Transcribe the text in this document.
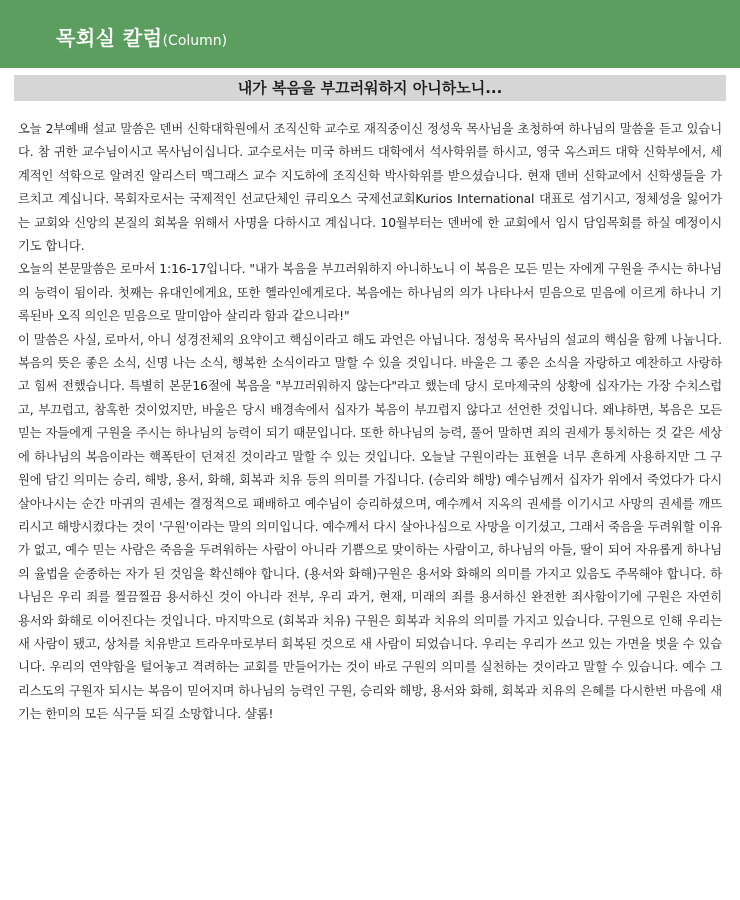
목회실 칼럼(Column)
내가 복음을 부끄러워하지 아니하노니...

오늘 2부예배 설교 말씀은 덴버 신학대학원에서 조직신학 교수로 재직중이신 정성욱 목사님을 초청하여 하나님의 말씀을 듣고 있습니다. 참 귀한 교수님이시고 목사님이십니다. 교수로서는 미국 하버드 대학에서 석사학위를 하시고, 영국 옥스퍼드 대학 신학부에서, 세계적인 석학으로 알려진 알리스터 맥그래스 교수 지도하에 조직신학 박사학위를 받으셨습니다. 현재 덴버 신학교에서 신학생들을 가르치고 계십니다. 목회자로서는 국제적인 선교단체인 큐리오스 국제선교회Kurios International 대표로 섬기시고, 정체성을 잃어가는 교회와 신앙의 본질의 회복을 위해서 사명을 다하시고 계십니다. 10월부터는 덴버에 한 교회에서 임시 담임목회를 하실 예정이시기도 합니다.

오늘의 본문말씀은 로마서 1:16-17입니다. "내가 복음을 부끄러워하지 아니하노니 이 복음은 모든 믿는 자에게 구원을 주시는 하나님의 능력이 됨이라. 첫째는 유대인에게요, 또한 헬라인에게로다. 복음에는 하나님의 의가 나타나서 믿음으로 믿음에 이르게 하나니 기록된바 오직 의인은 믿음으로 말미암아 살리라 함과 같으니라!"

이 말씀은 사실, 로마서, 아니 성경전체의 요약이고 핵심이라고 해도 과언은 아닙니다. 정성욱 목사님의 설교의 핵심을 함께 나눕니다. 복음의 뜻은 좋은 소식, 신명 나는 소식, 행복한 소식이라고 말할 수 있을 것입니다. 바울은 그 좋은 소식을 자랑하고 예찬하고 사랑하고 힘써 전했습니다. 특별히 본문16절에 복음을 "부끄러워하지 않는다"라고 했는데 당시 로마제국의 상황에 십자가는 가장 수치스럽고, 부끄럽고, 참혹한 것이었지만, 바울은 당시 배경속에서 십자가 복음이 부끄럽지 않다고 선언한 것입니다. 왜냐하면, 복음은 모든 믿는 자들에게 구원을 주시는 하나님의 능력이 되기 때문입니다. 또한 하나님의 능력, 풀어 말하면 죄의 권세가 통치하는 것 같은 세상에 하나님의 복음이라는 핵폭탄이 던져진 것이라고 말할 수 있는 것입니다. 오늘날 구원이라는 표현을 너무 흔하게 사용하지만 그 구원에 담긴 의미는 승리, 해방, 용서, 화해, 회복과 치유 등의 의미를 가집니다. (승리와 해방) 예수님께서 십자가 위에서 죽었다가 다시 살아나시는 순간 마귀의 권세는 결정적으로 패배하고 예수님이 승리하셨으며, 예수께서 지옥의 권세를 이기시고 사망의 권세를 깨뜨리시고 해방시켰다는 것이 '구원'이라는 말의 의미입니다. 예수께서 다시 살아나심으로 사망을 이기셨고, 그래서 죽음을 두려워할 이유가 없고, 예수 믿는 사람은 죽음을 두려워하는 사람이 아니라 기쁨으로 맞이하는 사람이고, 하나님의 아들, 딸이 되어 자유롭게 하나님의 율법을 순종하는 자가 된 것임을 확신해야 합니다. (용서와 화해)구원은 용서와 화해의 의미를 가지고 있음도 주목해야 합니다. 하나님은 우리 죄를 찔끔찔끔 용서하신 것이 아니라 전부, 우리 과거, 현재, 미래의 죄를 용서하신 완전한 죄사함이기에 구원은 자연히 용서와 화해로 이어진다는 것입니다. 마지막으로 (회복과 치유) 구원은 회복과 치유의 의미를 가지고 있습니다. 구원으로 인해 우리는 새 사람이 됐고, 상처를 치유받고 트라우마로부터 회복된 것으로 새 사람이 되었습니다. 우리는 우리가 쓰고 있는 가면을 벗을 수 있습니다. 우리의 연약함을 털어놓고 격려하는 교회를 만들어가는 것이 바로 구원의 의미를 실천하는 것이라고 말할 수 있습니다. 예수 그리스도의 구원자 되시는 복음이 믿어지며 하나님의 능력인 구원, 승리와 해방, 용서와 화해, 회복과 치유의 은혜를 다시한번 마음에 새기는 한미의 모든 식구들 되길 소망합니다. 샬롬!
